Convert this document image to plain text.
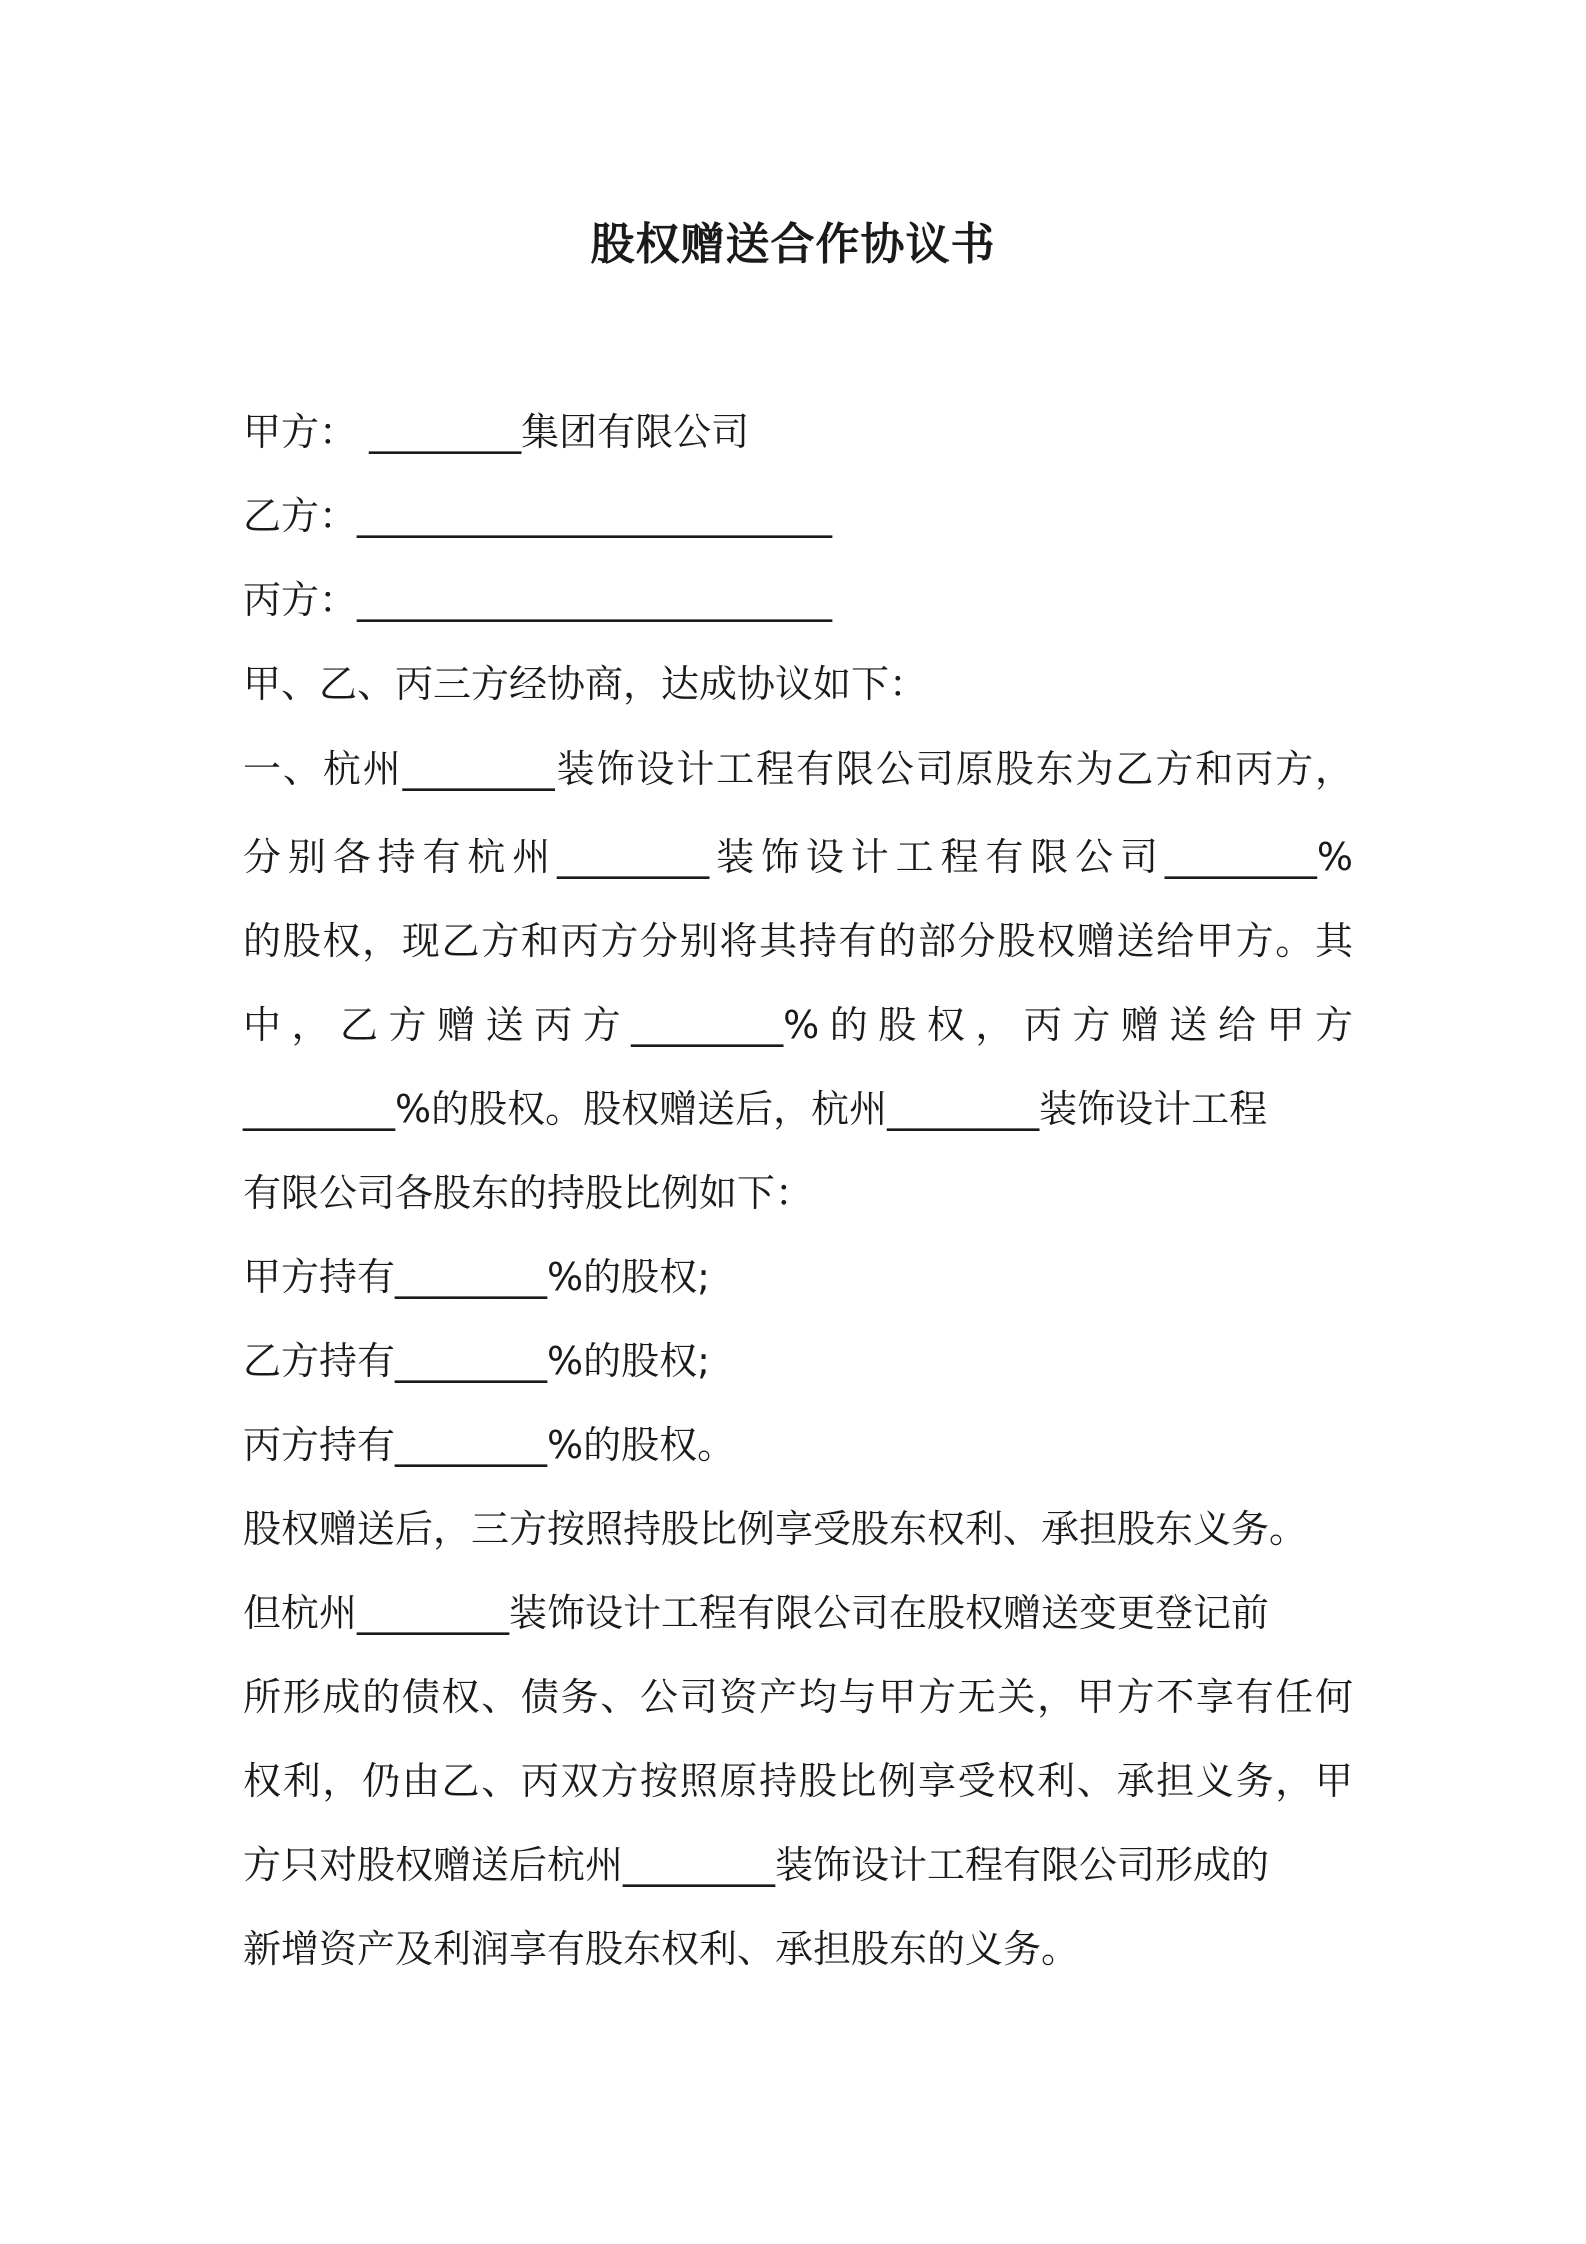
股权赠送合作协议书
甲方： ________集团有限公司
乙方：_________________________
丙方：_________________________
甲、乙、丙三方经协商，达成协议如下：
一、杭州________装饰设计工程有限公司原股东为乙方和丙方，
分别各持有杭州________装饰设计工程有限公司________%
的股权，现乙方和丙方分别将其持有的部分股权赠送给甲方。其
中，乙方赠送丙方________%的股权，丙方赠送给甲方
________%的股权。股权赠送后，杭州________装饰设计工程
有限公司各股东的持股比例如下：
甲方持有________%的股权;
乙方持有________%的股权;
丙方持有________%的股权。
股权赠送后，三方按照持股比例享受股东权利、承担股东义务。
但杭州________装饰设计工程有限公司在股权赠送变更登记前
所形成的债权、债务、公司资产均与甲方无关，甲方不享有任何
权利，仍由乙、丙双方按照原持股比例享受权利、承担义务，甲
方只对股权赠送后杭州________装饰设计工程有限公司形成的
新增资产及利润享有股东权利、承担股东的义务。
